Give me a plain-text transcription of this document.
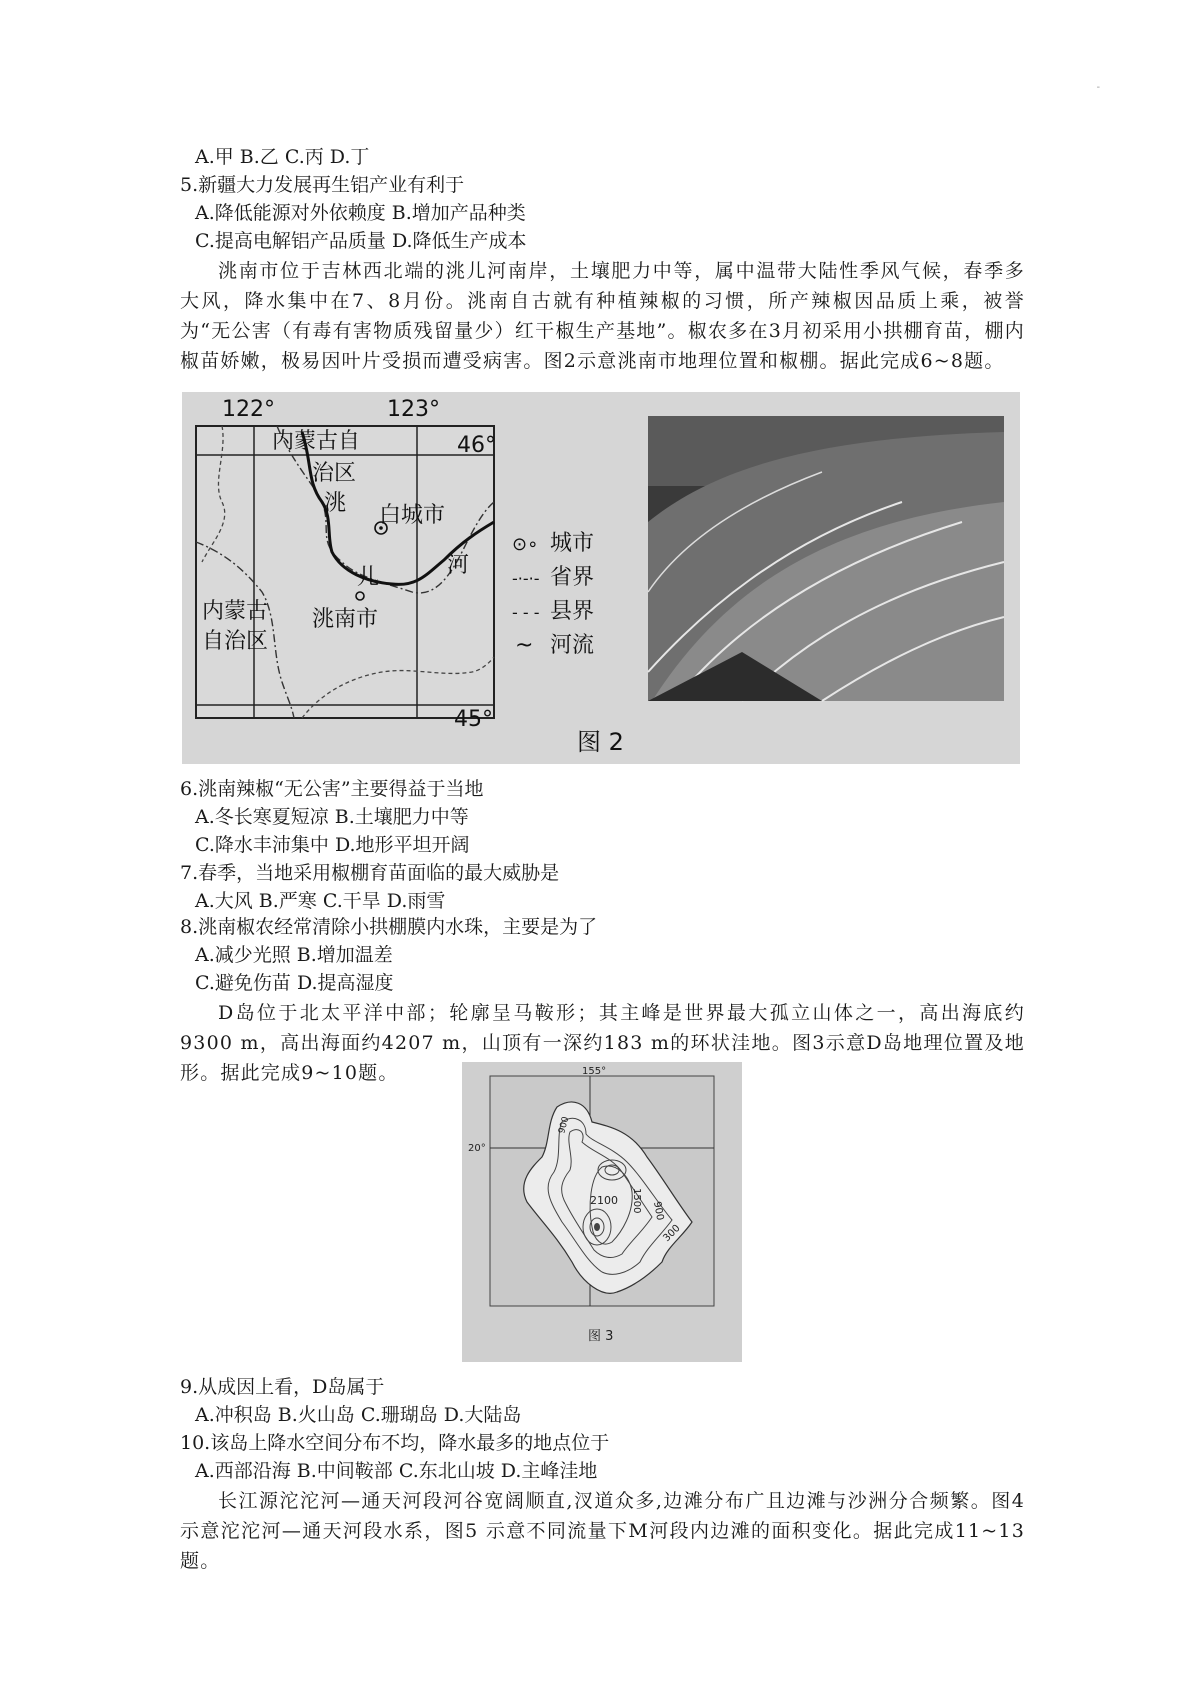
-
A.甲 B.乙 C.丙 D.丁
5.新疆大力发展再生铝产业有利于
A.降低能源对外依赖度 B.增加产品种类
C.提高电解铝产品质量 D.降低生产成本

洮南市位于吉林西北端的洮儿河南岸，土壤肥力中等，属中温带大陆性季风气候，春季多大风，降水集中在7、8月份。洮南自古就有种植辣椒的习惯，所产辣椒因品质上乘，被誉为“无公害（有毒有害物质残留量少）红干椒生产基地”。椒农多在3月初采用小拱棚育苗，棚内椒苗娇嫩，极易因叶片受损而遭受病害。图2示意洮南市地理位置和椒棚。据此完成6~8题。

122°	123°
46°
45°
内蒙古自
治区
内蒙古
自治区
白城市
洮南市
洮
儿	河
⊙∘ 城市
-·-·- 省界
- - - 县界
~ 河流
图 2
6.洮南辣椒“无公害”主要得益于当地
A.冬长寒夏短凉 B.土壤肥力中等
C.降水丰沛集中 D.地形平坦开阔
7.春季，当地采用椒棚育苗面临的最大威胁是
A.大风 B.严寒 C.干旱 D.雨雪
8.洮南椒农经常清除小拱棚膜内水珠，主要是为了
A.减少光照 B.增加温差
C.避免伤苗 D.提高湿度

D岛位于北太平洋中部；轮廓呈马鞍形；其主峰是世界最大孤立山体之一，高出海底约9300 m，高出海面约4207 m，山顶有一深约183 m的环状洼地。图3示意D岛地理位置及地形。据此完成9~10题。	155°
20°
900
2100 1500 900
300
图 3
9.从成因上看，D岛属于
A.冲积岛 B.火山岛 C.珊瑚岛 D.大陆岛
10.该岛上降水空间分布不均，降水最多的地点位于
A.西部沿海 B.中间鞍部 C.东北山坡 D.主峰洼地

长江源沱沱河—通天河段河谷宽阔顺直,汊道众多,边滩分布广且边滩与沙洲分合频繁。图4示意沱沱河—通天河段水系，图5 示意不同流量下M河段内边滩的面积变化。据此完成11~13题。
